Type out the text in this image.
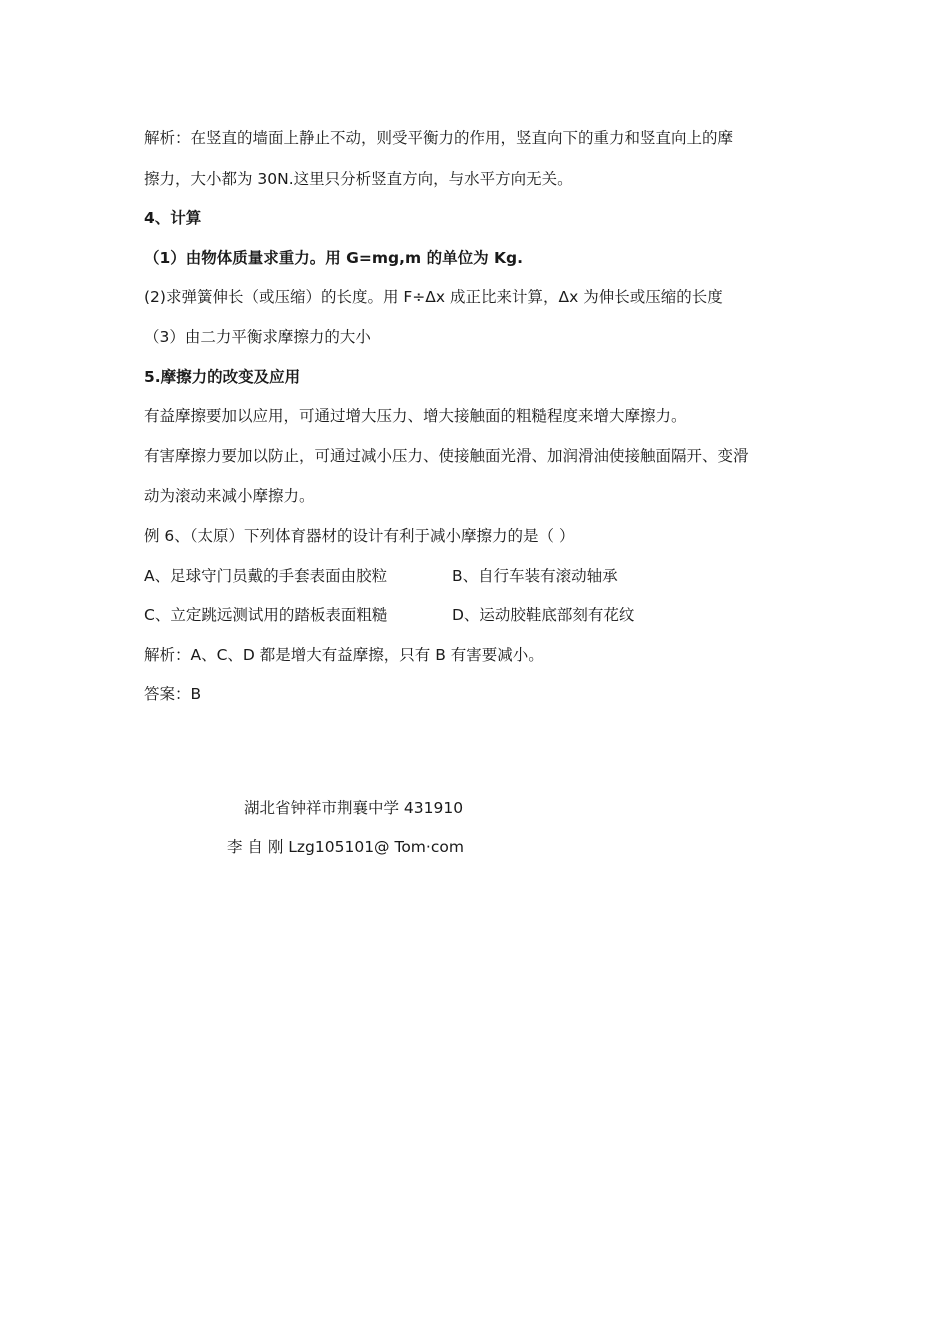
解析：在竖直的墙面上静止不动，则受平衡力的作用，竖直向下的重力和竖直向上的摩
擦力，大小都为 30N.这里只分析竖直方向，与水平方向无关。
4、计算
（1）由物体质量求重力。用 G=mg,m 的单位为 Kg.
(2)求弹簧伸长（或压缩）的长度。用 F÷Δx 成正比来计算，Δx 为伸长或压缩的长度
（3）由二力平衡求摩擦力的大小
5.摩擦力的改变及应用
有益摩擦要加以应用，可通过增大压力、增大接触面的粗糙程度来增大摩擦力。
有害摩擦力要加以防止，可通过减小压力、使接触面光滑、加润滑油使接触面隔开、变滑
动为滚动来减小摩擦力。
例 6、（太原）下列体育器材的设计有利于减小摩擦力的是（ ）
A、足球守门员戴的手套表面由胶粒	B、自行车装有滚动轴承
C、立定跳远测试用的踏板表面粗糙	D、运动胶鞋底部刻有花纹
解析：A、C、D 都是增大有益摩擦，只有 B 有害要减小。
答案：B
湖北省钟祥市荆襄中学 431910
李 自 刚 Lzg105101@ Tom·com
